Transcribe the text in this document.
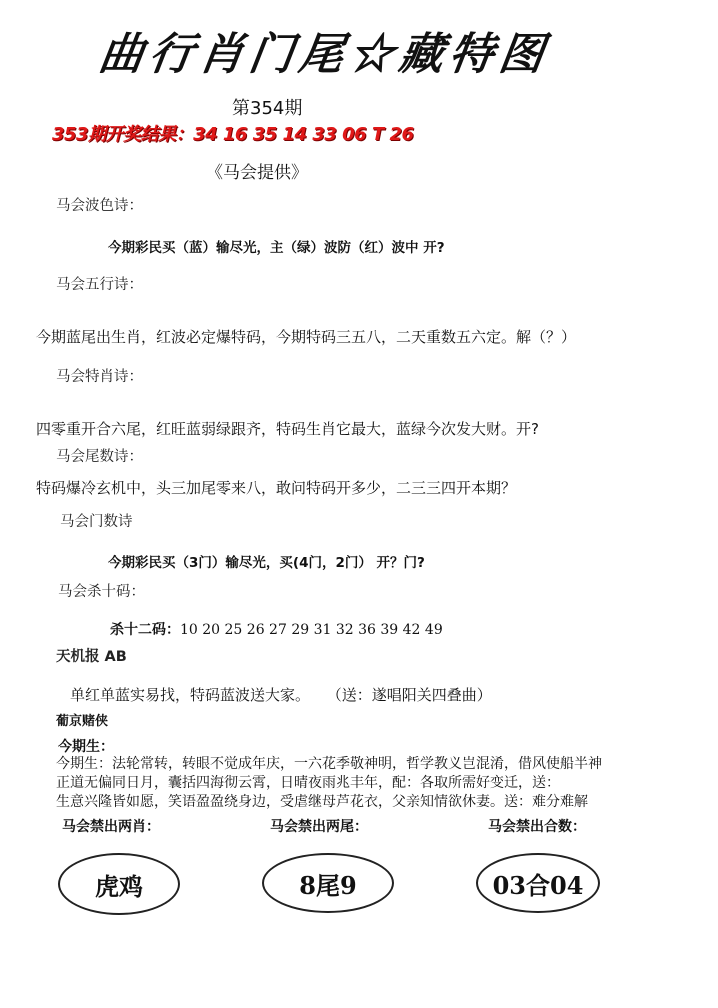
曲行肖门尾☆藏特图
第354期
353期开奖结果：34 16 35 14 33 06 T 26
《马会提供》
马会波色诗：
今期彩民买（蓝）输尽光，主（绿）波防（红）波中 开?
马会五行诗：
今期蓝尾出生肖，红波必定爆特码，今期特码三五八，二天重数五六定。解（？）
马会特肖诗：
四零重开合六尾，红旺蓝弱绿跟齐，特码生肖它最大，蓝绿今次发大财。开?
马会尾数诗：
特码爆冷玄机中，头三加尾零来八，敢问特码开多少，二三三四开本期？
马会门数诗
今期彩民买（3门）输尽光，买(4门，2门） 开？门?
马会杀十码：
杀十二码：10 20 25 26 27 29 31 32 36 39 42 49
天机报 AB
单红单蓝实易找，特码蓝波送大家。 （送：遂唱阳关四叠曲）
葡京赌侠
今期生：
今期生：法轮常转，转眼不觉成年庆，一六花季敬神明，哲学教义岂混淆，借风使船半神
正道无偏同日月，囊括四海彻云霄，日晴夜雨兆丰年，配：各取所需好变迁，送：
生意兴隆皆如愿，笑语盈盈绕身边，受虐继母芦花衣，父亲知情欲休妻。送：难分难解
马会禁出两肖：	马会禁出两尾：	马会禁出合数：
虎鸡	8尾9	03合04
